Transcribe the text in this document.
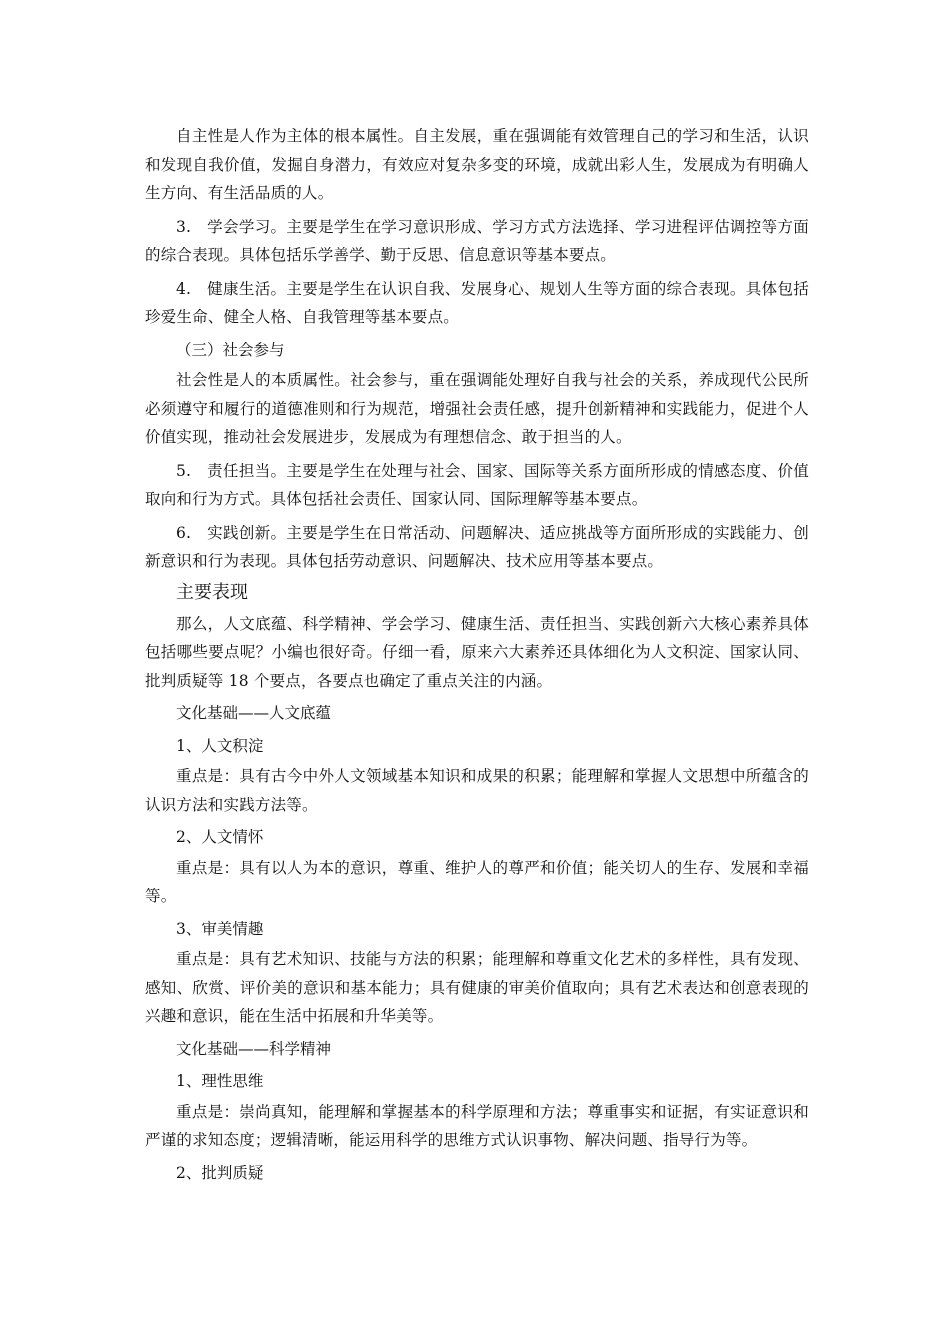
自主性是人作为主体的根本属性。自主发展，重在强调能有效管理自己的学习和生活，认识和发现自我价值，发掘自身潜力，有效应对复杂多变的环境，成就出彩人生，发展成为有明确人生方向、有生活品质的人。

3.　学会学习。主要是学生在学习意识形成、学习方式方法选择、学习进程评估调控等方面的综合表现。具体包括乐学善学、勤于反思、信息意识等基本要点。

4.　健康生活。主要是学生在认识自我、发展身心、规划人生等方面的综合表现。具体包括珍爱生命、健全人格、自我管理等基本要点。

（三）社会参与

社会性是人的本质属性。社会参与，重在强调能处理好自我与社会的关系，养成现代公民所必须遵守和履行的道德准则和行为规范，增强社会责任感，提升创新精神和实践能力，促进个人价值实现，推动社会发展进步，发展成为有理想信念、敢于担当的人。

5.　责任担当。主要是学生在处理与社会、国家、国际等关系方面所形成的情感态度、价值取向和行为方式。具体包括社会责任、国家认同、国际理解等基本要点。

6.　实践创新。主要是学生在日常活动、问题解决、适应挑战等方面所形成的实践能力、创新意识和行为表现。具体包括劳动意识、问题解决、技术应用等基本要点。

主要表现

那么，人文底蕴、科学精神、学会学习、健康生活、责任担当、实践创新六大核心素养具体包括哪些要点呢？小编也很好奇。仔细一看，原来六大素养还具体细化为人文积淀、国家认同、批判质疑等 18 个要点，各要点也确定了重点关注的内涵。

文化基础——人文底蕴

1、人文积淀

重点是：具有古今中外人文领域基本知识和成果的积累；能理解和掌握人文思想中所蕴含的认识方法和实践方法等。

2、人文情怀

重点是：具有以人为本的意识，尊重、维护人的尊严和价值；能关切人的生存、发展和幸福等。

3、审美情趣

重点是：具有艺术知识、技能与方法的积累；能理解和尊重文化艺术的多样性，具有发现、感知、欣赏、评价美的意识和基本能力；具有健康的审美价值取向；具有艺术表达和创意表现的兴趣和意识，能在生活中拓展和升华美等。

文化基础——科学精神

1、理性思维

重点是：崇尚真知，能理解和掌握基本的科学原理和方法；尊重事实和证据，有实证意识和严谨的求知态度；逻辑清晰，能运用科学的思维方式认识事物、解决问题、指导行为等。

2、批判质疑
